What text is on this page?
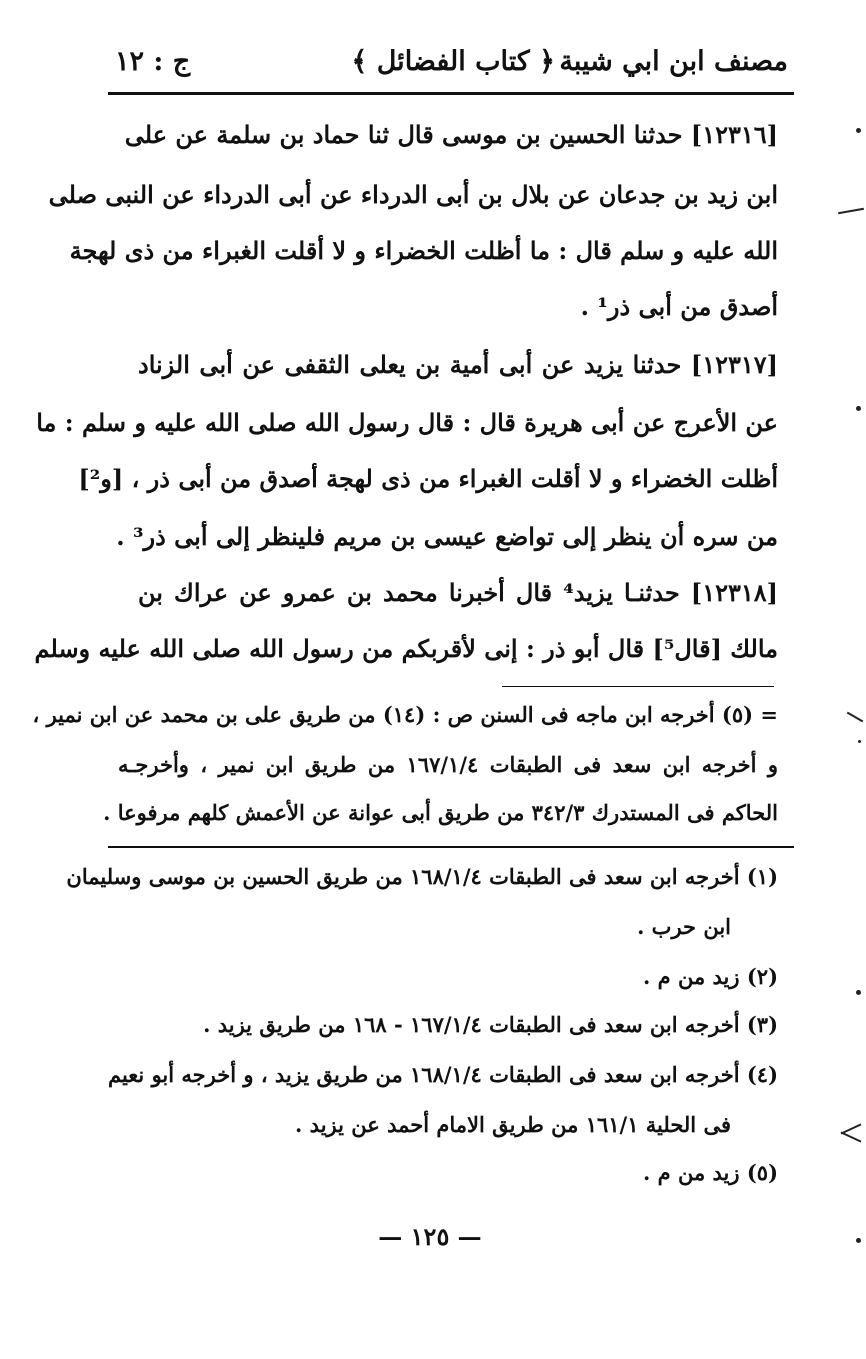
مصنف ابن ابي شيبة
﴿ كتاب الفضائل ﴾
ج : ١٢
[١٢٣١٦] حدثنا الحسين بن موسى قال ثنا حماد بن سلمة عن على
ابن زيد بن جدعان عن بلال بن أبى الدرداء عن أبى الدرداء عن النبى صلى
الله عليه و سلم قال : ما أظلت الخضراء و لا أقلت الغبراء من ذى لهجة
أصدق من أبى ذر¹ .
[١٢٣١٧] حدثنا يزيد عن أبى أمية بن يعلى الثقفى عن أبى الزناد
عن الأعرج عن أبى هريرة قال : قال رسول الله صلى الله عليه و سلم : ما
أظلت الخضراء و لا أقلت الغبراء من ذى لهجة أصدق من أبى ذر ، [و²]
من سره أن ينظر إلى تواضع عيسى بن مريم فلينظر إلى أبى ذر³ .
[١٢٣١٨] حدثنـا يزيد⁴ قال أخبرنا محمد بن عمرو عن عراك بن
مالك [قال⁵] قال أبو ذر : إنى لأقربكم من رسول الله صلى الله عليه وسلم
= (٥) أخرجه ابن ماجه فى السنن ص : (١٤) من طريق على بن محمد عن ابن نمير ،
و أخرجه ابن سعد فى الطبقات ١٦٧/١/٤ من طريق ابن نمير ، وأخرجـه
الحاكم فى المستدرك ٣٤٢/٣ من طريق أبى عوانة عن الأعمش كلهم مرفوعا .
(١) أخرجه ابن سعد فى الطبقات ١٦٨/١/٤ من طريق الحسين بن موسى وسليمان
ابن حرب .
(٢) زيد من م .
(٣) أخرجه ابن سعد فى الطبقات ١٦٧/١/٤ - ١٦٨ من طريق يزيد .
(٤) أخرجه ابن سعد فى الطبقات ١٦٨/١/٤ من طريق يزيد ، و أخرجه أبو نعيم
فى الحلية ١٦١/١ من طريق الامام أحمد عن يزيد .
(٥) زيد من م .
— ١٢٥ —
